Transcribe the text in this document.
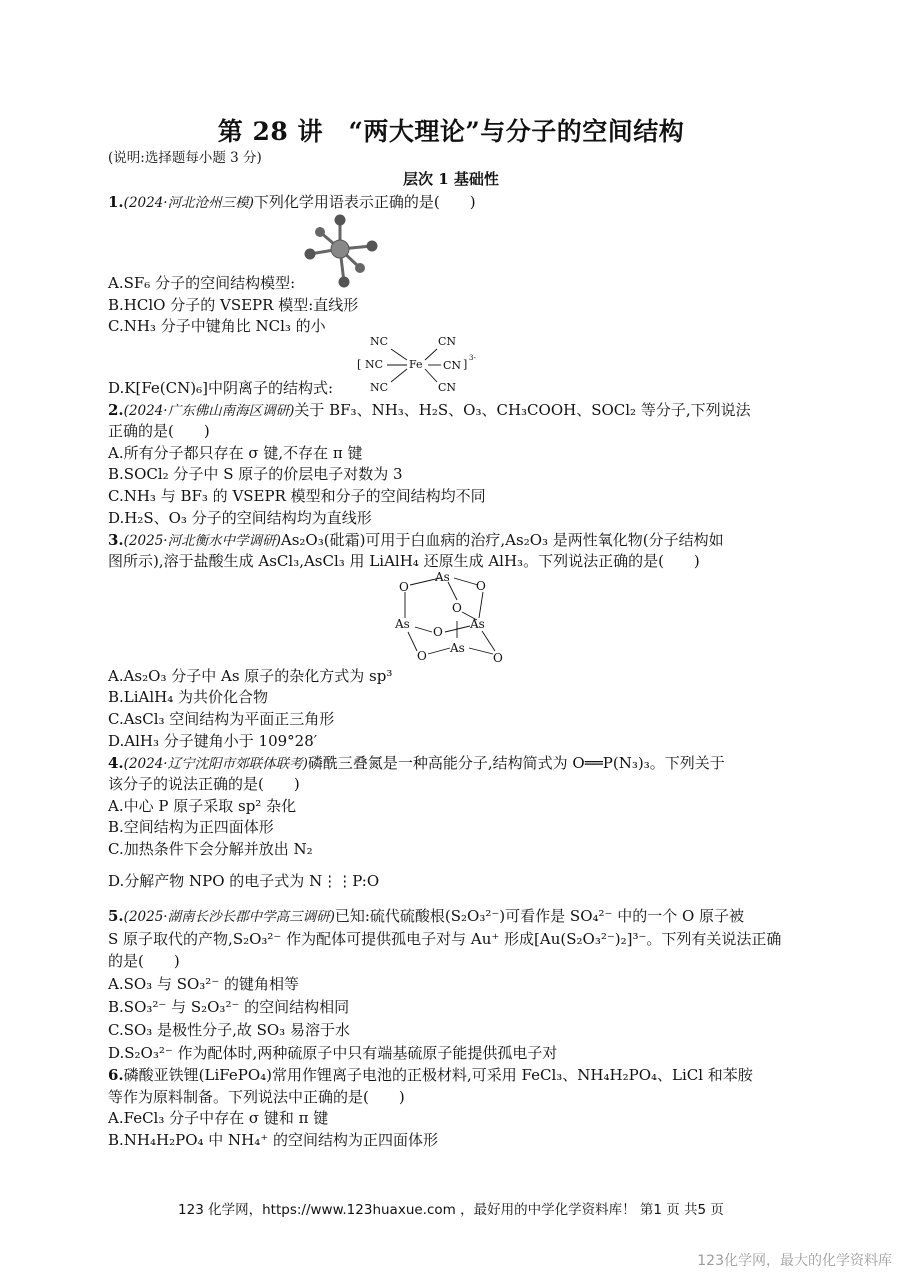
第 28 讲　“两大理论”与分子的空间结构
(说明:选择题每小题 3 分)
层次 1 基础性
1.(2024·河北沧州三模)下列化学用语表示正确的是(　　)
A.SF₆ 分子的空间结构模型:
B.HClO 分子的 VSEPR 模型:直线形
C.NH₃ 分子中键角比 NCl₃ 的小
NC	CN
[ NC Fe CN ] 3-
NC	CN
D.K[Fe(CN)₆]中阴离子的结构式:
2.(2024·广东佛山南海区调研)关于 BF₃、NH₃、H₂S、O₃、CH₃COOH、SOCl₂ 等分子,下列说法
正确的是(　　)
A.所有分子都只存在 σ 键,不存在 π 键
B.SOCl₂ 分子中 S 原子的价层电子对数为 3
C.NH₃ 与 BF₃ 的 VSEPR 模型和分子的空间结构均不同
D.H₂S、O₃ 分子的空间结构均为直线形
3.(2025·河北衡水中学调研)As₂O₃(砒霜)可用于白血病的治疗,As₂O₃ 是两性氧化物(分子结构如
图所示),溶于盐酸生成 AsCl₃,AsCl₃ 用 LiAlH₄ 还原生成 AlH₃。下列说法正确的是(　　)
As
O	O
O
As
O
As
O
As
O
A.As₂O₃ 分子中 As 原子的杂化方式为 sp³
B.LiAlH₄ 为共价化合物
C.AsCl₃ 空间结构为平面正三角形
D.AlH₃ 分子键角小于 109°28′
4.(2024·辽宁沈阳市郊联体联考)磷酰三叠氮是一种高能分子,结构简式为 O══P(N₃)₃。下列关于
该分子的说法正确的是(　　)
A.中心 P 原子采取 sp² 杂化
B.空间结构为正四面体形
C.加热条件下会分解并放出 N₂
D.分解产物 NPO 的电子式为 N⋮⋮P:O
5.(2025·湖南长沙长郡中学高三调研)已知:硫代硫酸根(S₂O₃²⁻)可看作是 SO₄²⁻ 中的一个 O 原子被
S 原子取代的产物,S₂O₃²⁻ 作为配体可提供孤电子对与 Au⁺ 形成[Au(S₂O₃²⁻)₂]³⁻。下列有关说法正确
的是(　　)
A.SO₃ 与 SO₃²⁻ 的键角相等
B.SO₃²⁻ 与 S₂O₃²⁻ 的空间结构相同
C.SO₃ 是极性分子,故 SO₃ 易溶于水
D.S₂O₃²⁻ 作为配体时,两种硫原子中只有端基硫原子能提供孤电子对
6.磷酸亚铁锂(LiFePO₄)常用作锂离子电池的正极材料,可采用 FeCl₃、NH₄H₂PO₄、LiCl 和苯胺
等作为原料制备。下列说法中正确的是(　　)
A.FeCl₃ 分子中存在 σ 键和 π 键
B.NH₄H₂PO₄ 中 NH₄⁺ 的空间结构为正四面体形
123 化学网，https://www.123huaxue.com ，最好用的中学化学资料库！ 第1 页 共5 页
123化学网，最大的化学资料库
